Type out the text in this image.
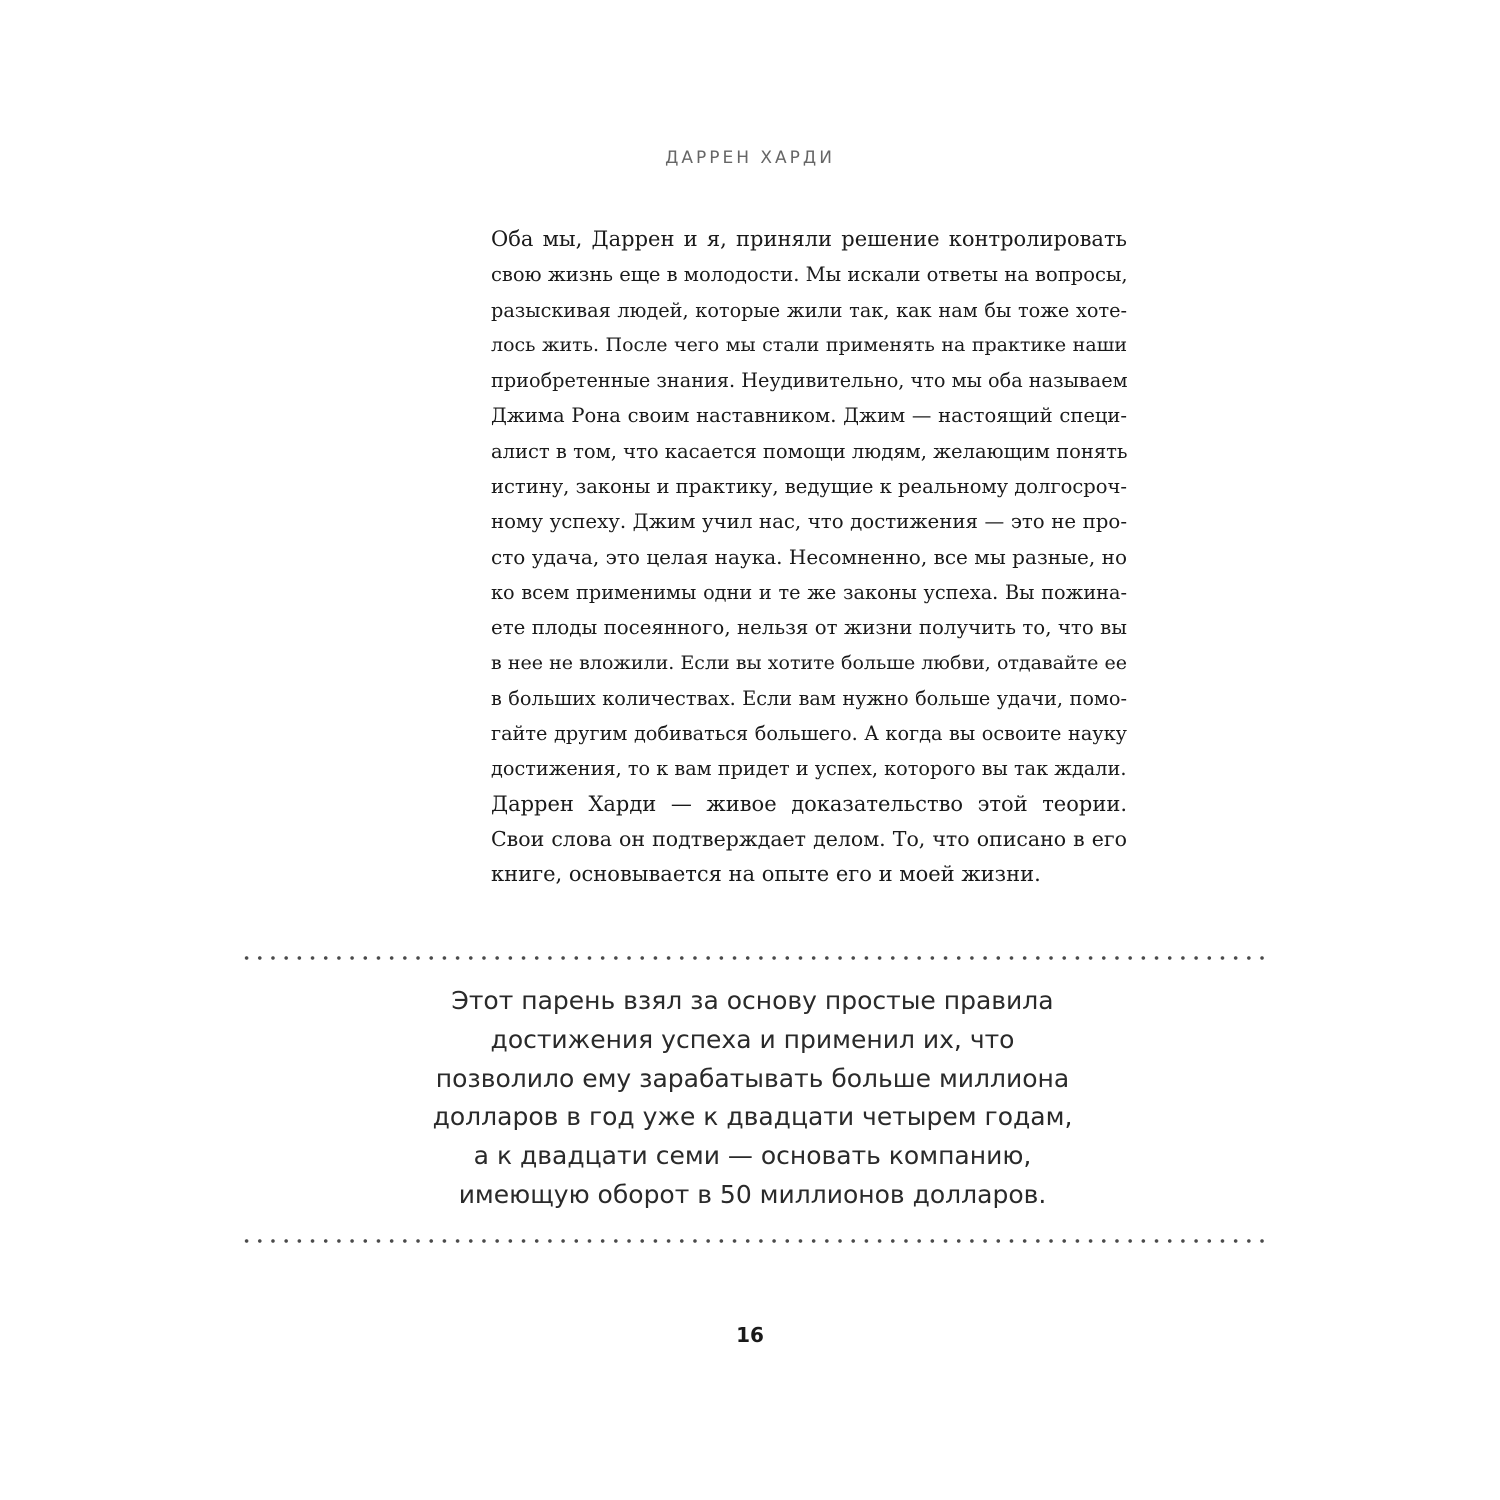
ДАРРЕН ХАРДИ

Оба мы, Даррен и я, приняли решение контролировать
свою жизнь еще в молодости. Мы искали ответы на вопросы,
разыскивая людей, которые жили так, как нам бы тоже хоте-
лось жить. После чего мы стали применять на практике наши
приобретенные знания. Неудивительно, что мы оба называем
Джима Рона своим наставником. Джим — настоящий специ-
алист в том, что касается помощи людям, желающим понять
истину, законы и практику, ведущие к реальному долгосроч-
ному успеху. Джим учил нас, что достижения — это не про-
сто удача, это целая наука. Несомненно, все мы разные, но
ко всем применимы одни и те же законы успеха. Вы пожина-
ете плоды посеянного, нельзя от жизни получить то, что вы
в нее не вложили. Если вы хотите больше любви, отдавайте ее
в больших количествах. Если вам нужно больше удачи, помо-
гайте другим добиваться большего. А когда вы освоите науку
достижения, то к вам придет и успех, которого вы так ждали.

Даррен Харди — живое доказательство этой теории.
Свои слова он подтверждает делом. То, что описано в его
книге, основывается на опыте его и моей жизни.

Этот парень взял за основу простые правила
достижения успеха и применил их, что
позволило ему зарабатывать больше миллиона
долларов в год уже к двадцати четырем годам,
а к двадцати семи — основать компанию,
имеющую оборот в 50 миллионов долларов.
16
